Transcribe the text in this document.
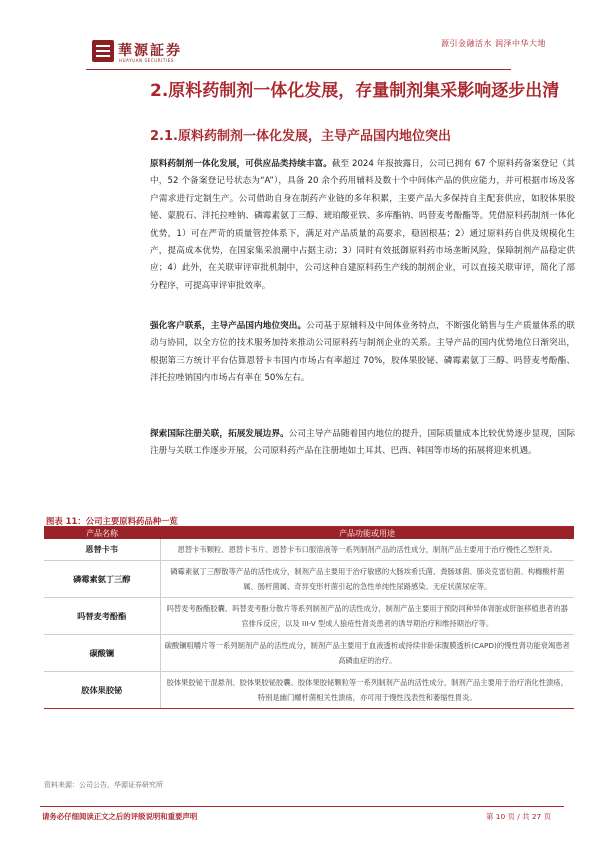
華源証券
HUAYUAN SECURITIES
源引金融活水 润泽中华大地
2.原料药制剂一体化发展，存量制剂集采影响逐步出清
2.1.原料药制剂一体化发展，主导产品国内地位突出
原料药制剂一体化发展，可供应品类持续丰富。截至 2024 年报披露日，公司已拥有 67 个原料药备案登记（其中，52 个备案登记号状态为“A”），具备 20 余个药用辅料及数十个中间体产品的供应能力，并可根据市场及客户需求进行定制生产。公司借助自身在制药产业链的多年积累，主要产品大多保持自主配套供应，如胶体果胶铋、蒙脱石、泮托拉唑钠、磷霉素氨丁三醇、琥珀酸亚铁、多库酯钠、吗替麦考酚酯等。凭借原料药制剂一体化优势，1）可在严苛的质量管控体系下，满足对产品质量的高要求，稳固根基；2）通过原料药自供及规模化生产，提高成本优势，在国家集采浪潮中占据主动；3）同时有效抵御原料药市场垄断风险，保障制剂产品稳定供应；4）此外，在关联审评审批机制中，公司这种自建原料药生产线的制剂企业，可以直接关联审评，简化了部分程序，可提高审评审批效率。
强化客户联系，主导产品国内地位突出。公司基于原辅料及中间体业务特点，不断强化销售与生产质量体系的联动与协同，以全方位的技术服务加持来推动公司原料药与制剂企业的关系。主导产品的国内优势地位日渐突出，根据第三方统计平台估算恩替卡韦国内市场占有率超过 70%，胶体果胶铋、磷霉素氨丁三醇、吗替麦考酚酯、泮托拉唑钠国内市场占有率在 50%左右。
探索国际注册关联，拓展发展边界。公司主导产品随着国内地位的提升，国际质量成本比较优势逐步显现，国际注册与关联工作逐步开展，公司原料药产品在注册地如土耳其、巴西、韩国等市场的拓展将迎来机遇。
图表 11：公司主要原料药品种一览
产品名称	产品功能或用途
恩替卡韦	恩替卡韦颗粒、恩替卡韦片、恩替卡韦口服溶液等一系列制剂产品的活性成分，制剂产品主要用于治疗慢性乙型肝炎。
磷霉素氨丁三醇	磷霉素氨丁三醇散等产品的活性成分，制剂产品主要用于治疗敏感的大肠埃希氏菌、粪肠球菌、肺炎克雷伯菌、构橼酸杆菌属、肠杆菌属、奇异变形杆菌引起的急性单纯性尿路感染、无症状菌尿症等。
吗替麦考酚酯	吗替麦考酚酯胶囊、吗替麦考酚分散片等系列制剂产品的活性成分，制剂产品主要用于预防同种异体肾脏或肝脏移植患者的器官排斥反应，以及 III-V 型成人狼疮性肾炎患者的诱导期治疗和维持期治疗等。
碳酸镧	碳酸镧咀嚼片等一系列制剂产品的活性成分，制剂产品主要用于血液透析或持续非卧床腹膜透析(CAPD)的慢性肾功能衰竭患者高磷血症的治疗。
胶体果胶铋	胶体果胶铋干混悬剂、胶体果胶铋胶囊、胶体果胶铋颗粒等一系列制剂产品的活性成分，制剂产品主要用于治疗消化性溃疡，特别是幽门螺杆菌相关性溃疡，亦可用于慢性浅表性和萎缩性胃炎。
资料来源：公司公告，华源证券研究所
请务必仔细阅读正文之后的评级说明和重要声明	第 10 页 / 共 27 页
